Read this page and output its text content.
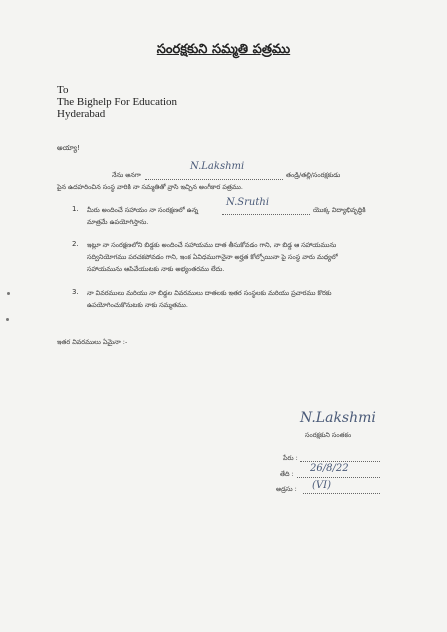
సంరక్షకుని సమ్మతి పత్రము
To
The Bighelp For Education
Hyderabad
అయ్యా!
నేను అనగా
N.Lakshmi
తండ్రి/తల్లి/సంరక్షకుడు
పైన ఉదహరించిన సంస్థ వారికి నా సమ్మతితో వ్రాసి ఇచ్చిన అంగీకార పత్రము.
1. మీరు అందించే సహాయం నా సంరక్షణలో ఉన్న
N.Sruthi
యొక్క విద్యాభివృద్ధికి
మాత్రమే ఉపయోగిస్తాను.
2. ఇట్లూ నా సంరక్షణలోని బిడ్డకు అందించే సహాయము దాత తీసుకోవడం గాని, నా బిడ్డ ఆ సహాయమును
సద్వినియోగము పరచకపోవడం గాని, ఇంక ఏవిధముగానైనా అర్హత కోల్పోయినా పై సంస్థ వారు మధ్యలో
సహాయమును ఆపివేయుటకు నాకు అభ్యంతరము లేదు.
3. నా వివరములు మరియు నా బిడ్డల వివరములు దాతలకు ఇతర సంస్థలకు మరియు ప్రచారము కొరకు
ఉపయోగించుకొనుటకు నాకు సమ్మతము.
ఇతర వివరములు ఏమైనా :-
N.Lakshmi
సంరక్షకుని సంతకం
పేరు :
తేది : 26/8/22
అడ్రసు : (VI)
